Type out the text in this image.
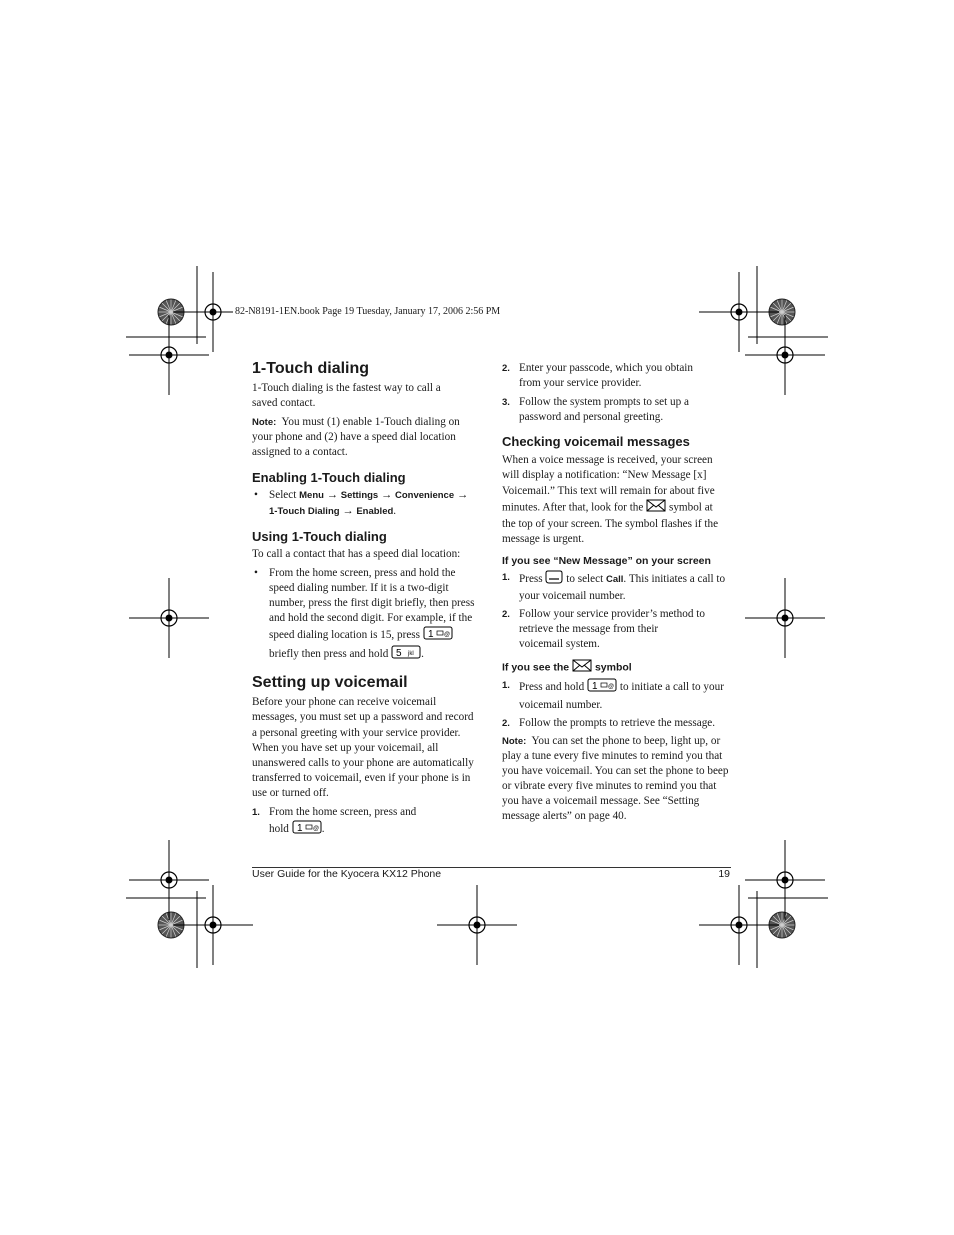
82-N8191-1EN.book Page 19 Tuesday, January 17, 2006 2:56 PM
1-Touch dialing

1-Touch dialing is the fastest way to call a

saved contact.

Note: You must (1) enable 1-Touch dialing on

your phone and (2) have a speed dial location

assigned to a contact.

Enabling 1-Touch dialing
• Select Menu → Settings → Convenience →

1-Touch Dialing → Enabled.

Using 1-Touch dialing
To call a contact that has a speed dial location:
• From the home screen, press and hold the

speed dialing number. If it is a two-digit

number, press the first digit briefly, then press

and hold the second digit. For example, if the

speed dialing location is 15, press 1 @

briefly then press and hold 5 jkl .

Setting up voicemail

Before your phone can receive voicemail

messages, you must set up a password and record

a personal greeting with your service provider.

When you have set up your voicemail, all

unanswered calls to your phone are automatically

transferred to voicemail, even if your phone is in

use or turned off.

1. From the home screen, press and

hold 1 @ .

2. Enter your passcode, which you obtain

from your service provider.

3. Follow the system prompts to set up a

password and personal greeting.

Checking voicemail messages

When a voice message is received, your screen

will display a notification: “New Message [x]

Voicemail.” This text will remain for about five

minutes. After that, look for the symbol at

the top of your screen. The symbol flashes if the

message is urgent.

If you see “New Message” on your screen
1. Press to select Call. This initiates a call to

your voicemail number.

2. Follow your service provider’s method to

retrieve the message from their

voicemail system.

If you see the symbol
1. Press and hold 1 @ to initiate a call to your

voicemail number.

2. Follow the prompts to retrieve the message.

Note: You can set the phone to beep, light up, or

play a tune every five minutes to remind you that

you have voicemail. You can set the phone to beep

or vibrate every five minutes to remind you that

you have a voicemail message. See “Setting

message alerts” on page 40.

User Guide for the Kyocera KX12 Phone	19
